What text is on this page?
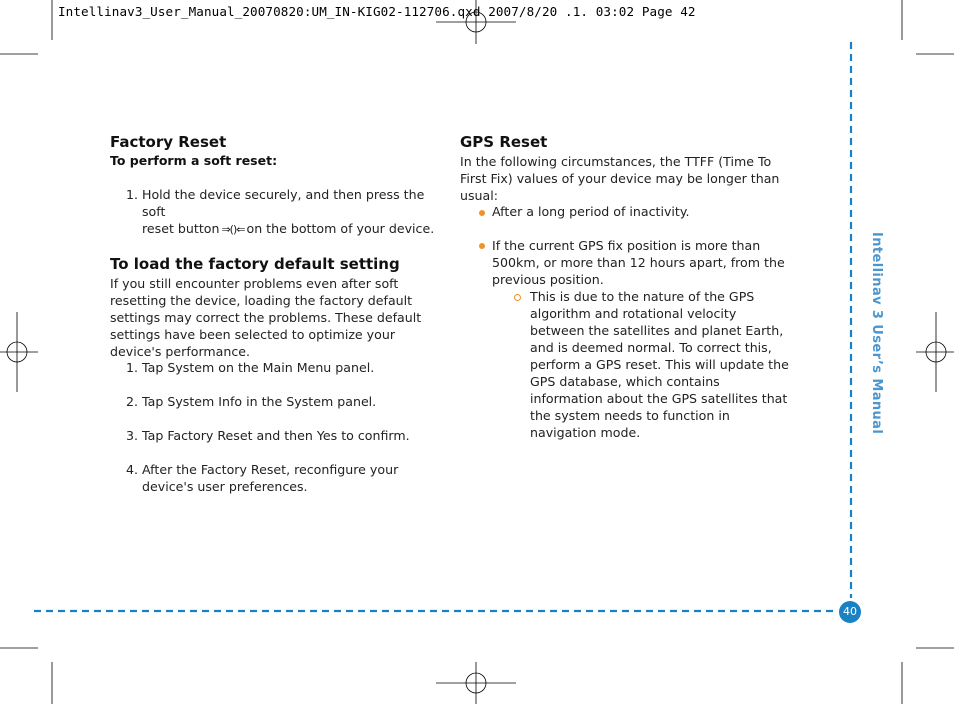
Intellinav3_User_Manual_20070820:UM_IN-KIG02-112706.qxd 2007/8/20 .1. 03:02 Page 42
Factory Reset
To perform a soft reset:
1. Hold the device securely, and then press the soft
reset button ⇒()⇐ on the bottom of your device.
To load the factory default setting
If you still encounter problems even after soft resetting the device, loading the factory default settings may correct the problems. These default settings have been selected to optimize your device's performance.
1. Tap System on the Main Menu panel.
2. Tap System Info in the System panel.
3. Tap Factory Reset and then Yes to confirm.
4. After the Factory Reset, reconfigure your device's user preferences.
GPS Reset
In the following circumstances, the TTFF (Time To First Fix) values of your device may be longer than usual:
After a long period of inactivity.
If the current GPS fix position is more than 500km, or more than 12 hours apart, from the previous position.
This is due to the nature of the GPS algorithm and rotational velocity between the satellites and planet Earth, and is deemed normal. To correct this, perform a GPS reset. This will update the GPS database, which contains information about the GPS satellites that the system needs to function in navigation mode.	Intellinav 3 User’s Manual
40
